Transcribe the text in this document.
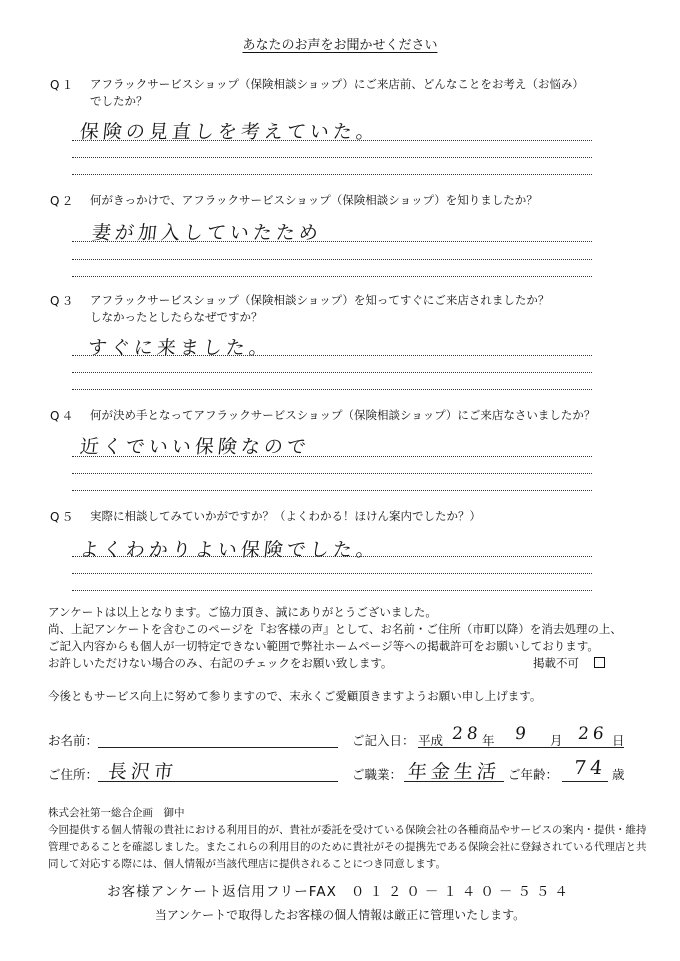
あなたのお声をお聞かせください
Q１ アフラックサービスショップ（保険相談ショップ）にご来店前、どんなことをお考え（お悩み）
でしたか？
保険の見直しを考えていた。
Q２ 何がきっかけで、アフラックサービスショップ（保険相談ショップ）を知りましたか？
妻が加入していたため
Q３ アフラックサービスショップ（保険相談ショップ）を知ってすぐにご来店されましたか？
しなかったとしたらなぜですか？
すぐに来ました。
Q４ 何が決め手となってアフラックサービスショップ（保険相談ショップ）にご来店なさいましたか？
近くでいい保険なので
Q５ 実際に相談してみていかがですか？（よくわかる！ほけん案内でしたか？）
よくわかりよい保険でした。
アンケートは以上となります。ご協力頂き、誠にありがとうございました。
尚、上記アンケートを含むこのページを『お客様の声』として、お名前・ご住所（市町以降）を消去処理の上、
ご記入内容からも個人が一切特定できない範囲で弊社ホームページ等への掲載許可をお願いしております。
お許しいただけない場合のみ、右記のチェックをお願い致します。	掲載不可
今後ともサービス向上に努めて参りますので、末永くご愛顧頂きますようお願い申し上げます。
お名前：	ご記入日： 平成 28 年 9 月 26 日
ご住所： 長沢市	ご職業： 年金生活 ご年齢： 74 歳
株式会社第一総合企画　御中
今回提供する個人情報の貴社における利用目的が、貴社が委託を受けている保険会社の各種商品やサービスの案内・提供・維持
管理であることを確認しました。またこれらの利用目的のために貴社がその提携先である保険会社に登録されている代理店と共
同して対応する際には、個人情報が当該代理店に提供されることにつき同意します。
お客様アンケート返信用フリーFAX ０１２０－１４０－５５４
当アンケートで取得したお客様の個人情報は厳正に管理いたします。
